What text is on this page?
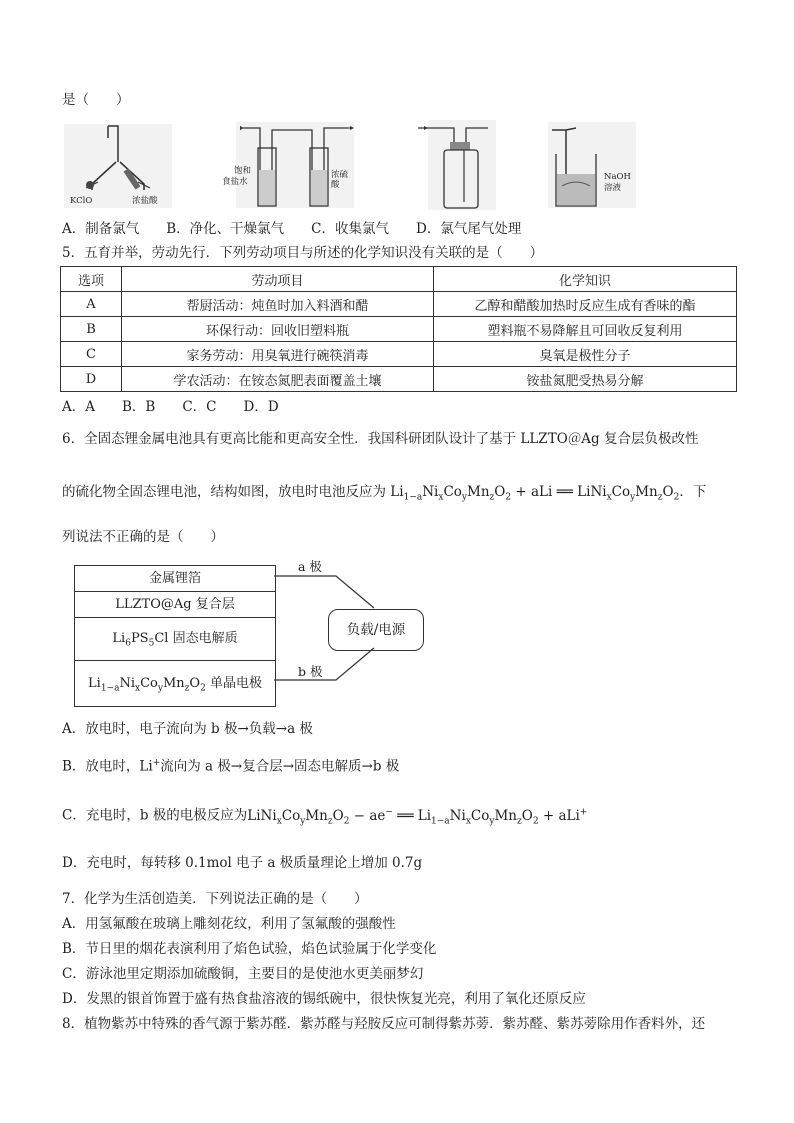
是（　　）
KClO	浓盐酸
饱和
食盐水
浓硫酸
NaOH
溶液
A．制备氯气　　B．净化、干燥氯气　　C．收集氯气　　D．氯气尾气处理
5．五育并举，劳动先行．下列劳动项目与所述的化学知识没有关联的是（　　）
选项	劳动项目	化学知识
A	帮厨活动：炖鱼时加入料酒和醋	乙醇和醋酸加热时反应生成有香味的酯
B	环保行动：回收旧塑料瓶	塑料瓶不易降解且可回收反复利用
C	家务劳动：用臭氧进行碗筷消毒	臭氧是极性分子
D	学农活动：在铵态氮肥表面覆盖土壤	铵盐氮肥受热易分解
A．A　　B．B　　C．C　　D．D
6．全固态锂金属电池具有更高比能和更高安全性．我国科研团队设计了基于 LLZTO＠Ag 复合层负极改性
的硫化物全固态锂电池，结构如图，放电时电池反应为 $Li_{1-a}Ni_xCo_yMn_zO_2$ + aLi ══ $LiNi_xCo_yMn_zO_2$．下
列说法不正确的是（　　）
金属锂箔
LLZTO@Ag 复合层
$Li_6PS_5Cl$ 固态电解质
$Li_{1-a}Ni_xCo_yMn_zO_2$ 单晶电极
a 极
b 极
负载/电源
A．放电时，电子流向为 b 极→负载→a 极
B．放电时，Li+流向为 a 极→复合层→固态电解质→b 极
C．充电时，b 极的电极反应为$LiNi_xCo_yMn_zO_2 - ae^-$ ══ $Li_{1-a}Ni_xCo_yMn_zO_2 + aLi^+$
D．充电时，每转移 0.1mol 电子 a 极质量理论上增加 0.7g
7．化学为生活创造美．下列说法正确的是（　　）
A．用氢氟酸在玻璃上雕刻花纹，利用了氢氟酸的强酸性
B．节日里的烟花表演利用了焰色试验，焰色试验属于化学变化
C．游泳池里定期添加硫酸铜，主要目的是使池水更美丽梦幻
D．发黑的银首饰置于盛有热食盐溶液的锡纸碗中，很快恢复光亮，利用了氧化还原反应
8．植物紫苏中特殊的香气源于紫苏醛．紫苏醛与羟胺反应可制得紫苏蒡．紫苏醛、紫苏蒡除用作香料外，还
